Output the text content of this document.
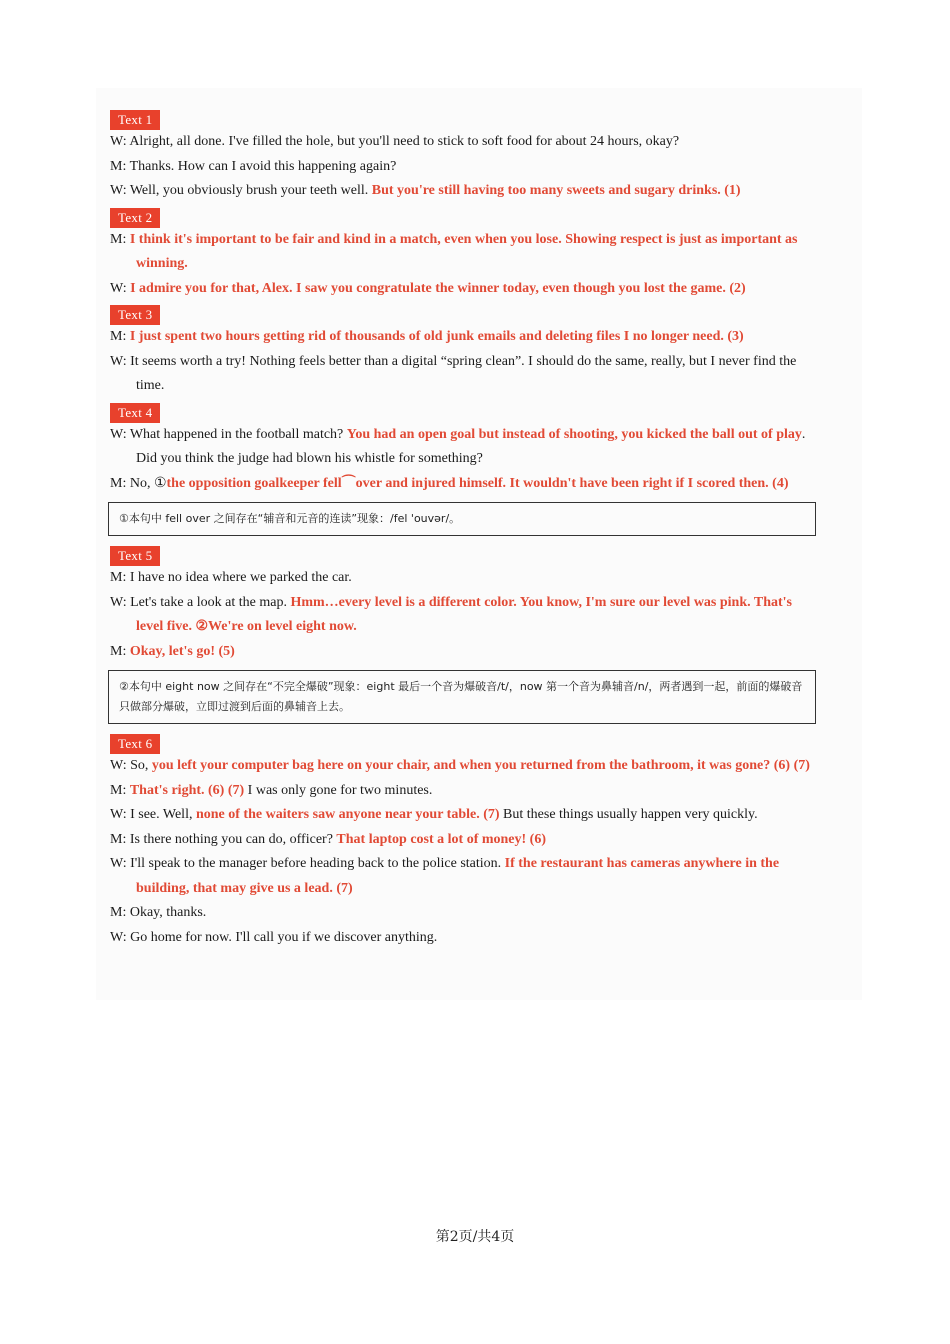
Text 1
W: Alright, all done. I've filled the hole, but you'll need to stick to soft food for about 24 hours, okay?
M: Thanks. How can I avoid this happening again?
W: Well, you obviously brush your teeth well. But you're still having too many sweets and sugary drinks. (1)
Text 2
M: I think it's important to be fair and kind in a match, even when you lose. Showing respect is just as important as winning.
W: I admire you for that, Alex. I saw you congratulate the winner today, even though you lost the game. (2)
Text 3
M: I just spent two hours getting rid of thousands of old junk emails and deleting files I no longer need. (3)
W: It seems worth a try! Nothing feels better than a digital “spring clean”. I should do the same, really, but I never find the time.
Text 4
W: What happened in the football match? You had an open goal but instead of shooting, you kicked the ball out of play. Did you think the judge had blown his whistle for something?
M: No, ①the opposition goalkeeper fell⌒over and injured himself. It wouldn't have been right if I scored then. (4)
①本句中 fell over 之间存在“辅音和元音的连读”现象：/fel 'ouvər/。
Text 5
M: I have no idea where we parked the car.
W: Let's take a look at the map. Hmm…every level is a different color. You know, I'm sure our level was pink. That's level five. ②We're on level eight now.
M: Okay, let's go! (5)
②本句中 eight now 之间存在“不完全爆破”现象：eight 最后一个音为爆破音/t/，now 第一个音为鼻辅音/n/，两者遇到一起，前面的爆破音只做部分爆破，立即过渡到后面的鼻辅音上去。
Text 6
W: So, you left your computer bag here on your chair, and when you returned from the bathroom, it was gone? (6) (7)
M: That's right. (6) (7) I was only gone for two minutes.
W: I see. Well, none of the waiters saw anyone near your table. (7) But these things usually happen very quickly.
M: Is there nothing you can do, officer? That laptop cost a lot of money! (6)
W: I'll speak to the manager before heading back to the police station. If the restaurant has cameras anywhere in the building, that may give us a lead. (7)
M: Okay, thanks.
W: Go home for now. I'll call you if we discover anything.
第2页/共4页
